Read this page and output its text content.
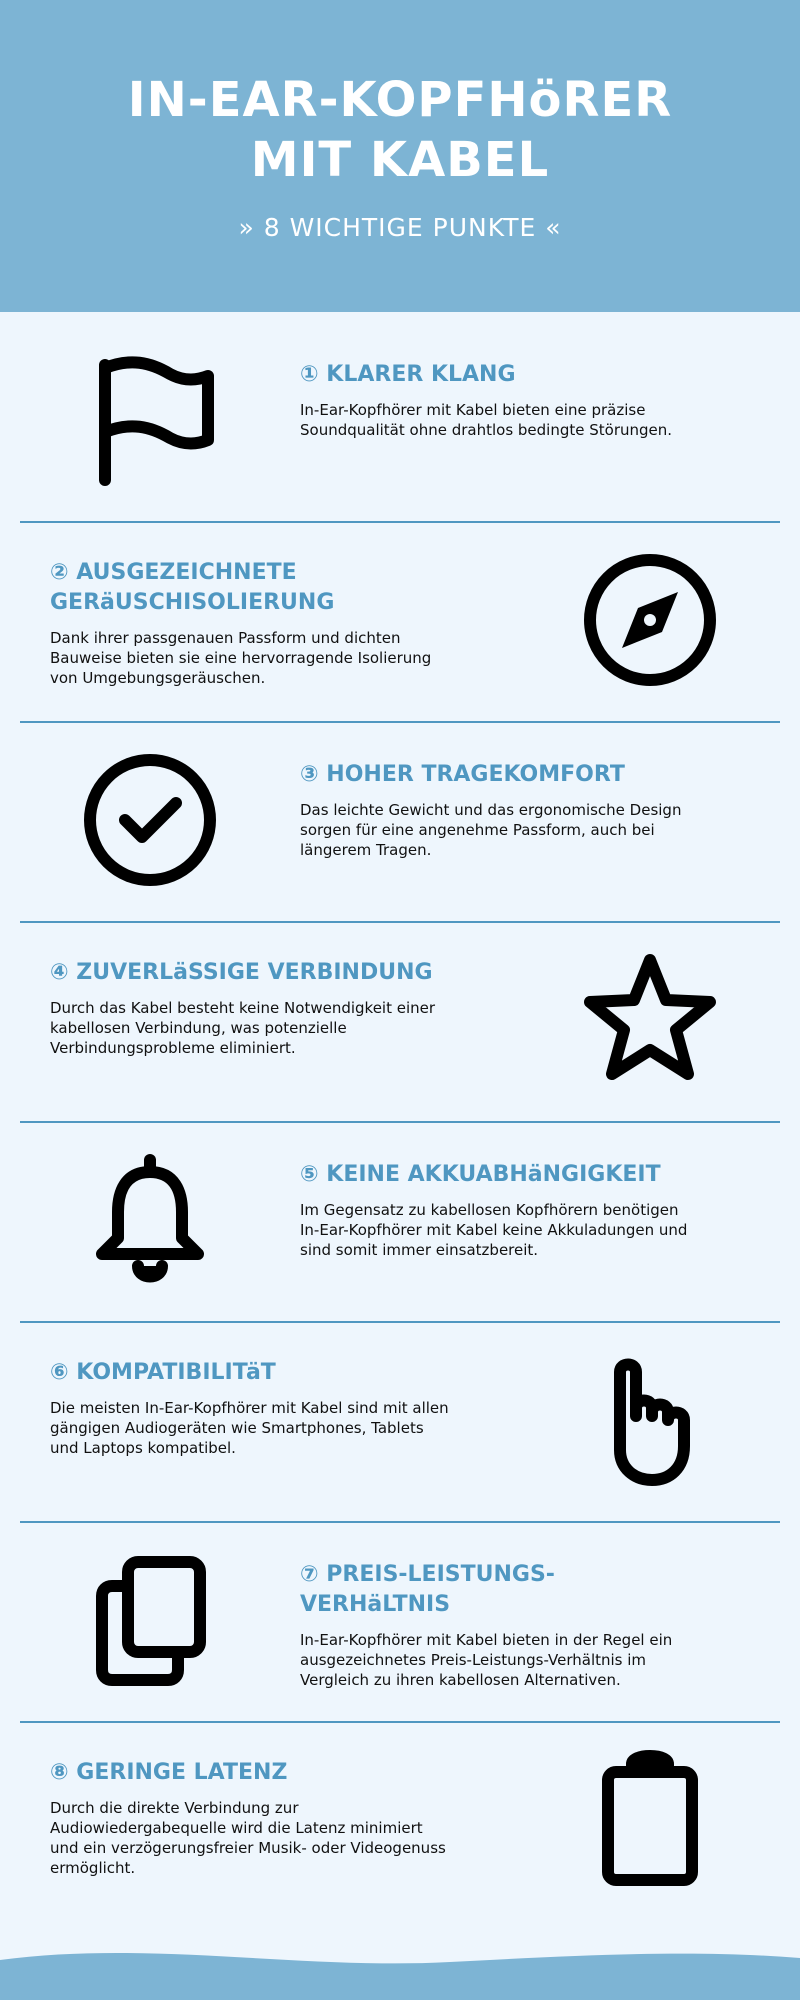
IN-EAR-KOPFHöRER
MIT KABEL
» 8 WICHTIGE PUNKTE «
① KLARER KLANG
In-Ear-Kopfhörer mit Kabel bieten eine präzise Soundqualität ohne drahtlos bedingte Störungen.
② AUSGEZEICHNETE GERäUSCHISOLIERUNG
Dank ihrer passgenauen Passform und dichten Bauweise bieten sie eine hervorragende Isolierung von Umgebungsgeräuschen.
③ HOHER TRAGEKOMFORT
Das leichte Gewicht und das ergonomische Design sorgen für eine angenehme Passform, auch bei längerem Tragen.
④ ZUVERLäSSIGE VERBINDUNG
Durch das Kabel besteht keine Notwendigkeit einer kabellosen Verbindung, was potenzielle Verbindungsprobleme eliminiert.
⑤ KEINE AKKUABHäNGIGKEIT
Im Gegensatz zu kabellosen Kopfhörern benötigen In-Ear-Kopfhörer mit Kabel keine Akkuladungen und sind somit immer einsatzbereit.
⑥ KOMPATIBILITäT
Die meisten In-Ear-Kopfhörer mit Kabel sind mit allen gängigen Audiogeräten wie Smartphones, Tablets und Laptops kompatibel.
⑦ PREIS-LEISTUNGS-VERHäLTNIS
In-Ear-Kopfhörer mit Kabel bieten in der Regel ein ausgezeichnetes Preis-Leistungs-Verhältnis im Vergleich zu ihren kabellosen Alternativen.
⑧ GERINGE LATENZ
Durch die direkte Verbindung zur Audiowiedergabequelle wird die Latenz minimiert und ein verzögerungsfreier Musik- oder Videogenuss ermöglicht.
